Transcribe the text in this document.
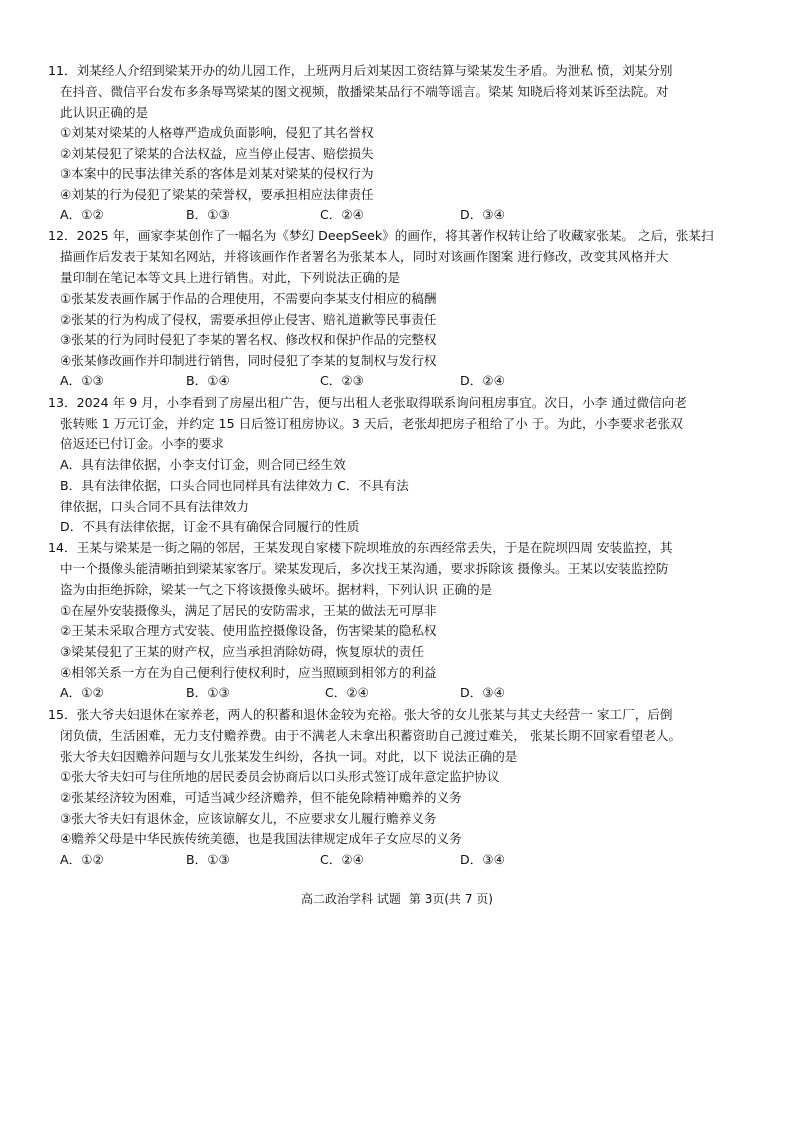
11．刘某经人介绍到梁某开办的幼儿园工作，上班两月后刘某因工资结算与梁某发生矛盾。为泄私 愤，刘某分别
在抖音、微信平台发布多条辱骂梁某的图文视频，散播梁某品行不端等谣言。梁某 知晓后将刘某诉至法院。对
此认识正确的是
①刘某对梁某的人格尊严造成负面影响，侵犯了其名誉权
②刘某侵犯了梁某的合法权益，应当停止侵害、赔偿损失
③本案中的民事法律关系的客体是刘某对梁某的侵权行为
④刘某的行为侵犯了梁某的荣誉权，要承担相应法律责任
A．①②	B．①③	C．②④	D．③④
12．2025 年，画家李某创作了一幅名为《梦幻 DeepSeek》的画作，将其著作权转让给了收藏家张某。 之后，张某扫
描画作后发表于某知名网站，并将该画作作者署名为张某本人，同时对该画作图案 进行修改，改变其风格并大
量印制在笔记本等文具上进行销售。对此，下列说法正确的是
①张某发表画作属于作品的合理使用，不需要向李某支付相应的稿酬
②张某的行为构成了侵权，需要承担停止侵害、赔礼道歉等民事责任
③张某的行为同时侵犯了李某的署名权、修改权和保护作品的完整权
④张某修改画作并印制进行销售，同时侵犯了李某的复制权与发行权
A．①③	B．①④	C．②③	D．②④
13．2024 年 9 月，小李看到了房屋出租广告，便与出租人老张取得联系询问租房事宜。次日，小李 通过微信向老
张转账 1 万元订金，并约定 15 日后签订租房协议。3 天后，老张却把房子租给了小 于。为此，小李要求老张双
倍返还已付订金。小李的要求
A．具有法律依据，小李支付订金，则合同已经生效
B．具有法律依据，口头合同也同样具有法律效力 C．不具有法
律依据，口头合同不具有法律效力
D．不具有法律依据，订金不具有确保合同履行的性质
14．王某与梁某是一街之隔的邻居，王某发现自家楼下院坝堆放的东西经常丢失，于是在院坝四周 安装监控，其
中一个摄像头能清晰拍到梁某家客厅。梁某发现后，多次找王某沟通，要求拆除该 摄像头。王某以安装监控防
盗为由拒绝拆除，梁某一气之下将该摄像头破坏。据材料，下列认识 正确的是
①在屋外安装摄像头，满足了居民的安防需求，王某的做法无可厚非
②王某未采取合理方式安装、使用监控摄像设备，伤害梁某的隐私权
③梁某侵犯了王某的财产权，应当承担消除妨碍，恢复原状的责任
④相邻关系一方在为自己便利行使权利时，应当照顾到相邻方的利益
A．①②	B．①③	C．②④	D．③④
15．张大爷夫妇退休在家养老，两人的积蓄和退休金较为充裕。张大爷的女儿张某与其丈夫经营一 家工厂，后倒
闭负债，生活困难，无力支付赡养费。由于不满老人未拿出积蓄资助自己渡过难关， 张某长期不回家看望老人。
张大爷夫妇因赡养问题与女儿张某发生纠纷，各执一词。对此，以下 说法正确的是
①张大爷夫妇可与住所地的居民委员会协商后以口头形式签订成年意定监护协议
②张某经济较为困难，可适当减少经济赡养，但不能免除精神赡养的义务
③张大爷夫妇有退休金，应该谅解女儿，不应要求女儿履行赡养义务
④赡养父母是中华民族传统美德，也是我国法律规定成年子女应尽的义务
A．①②	B．①③	C．②④	D．③④
高二政治学科 试题 第 3页(共 7 页)
